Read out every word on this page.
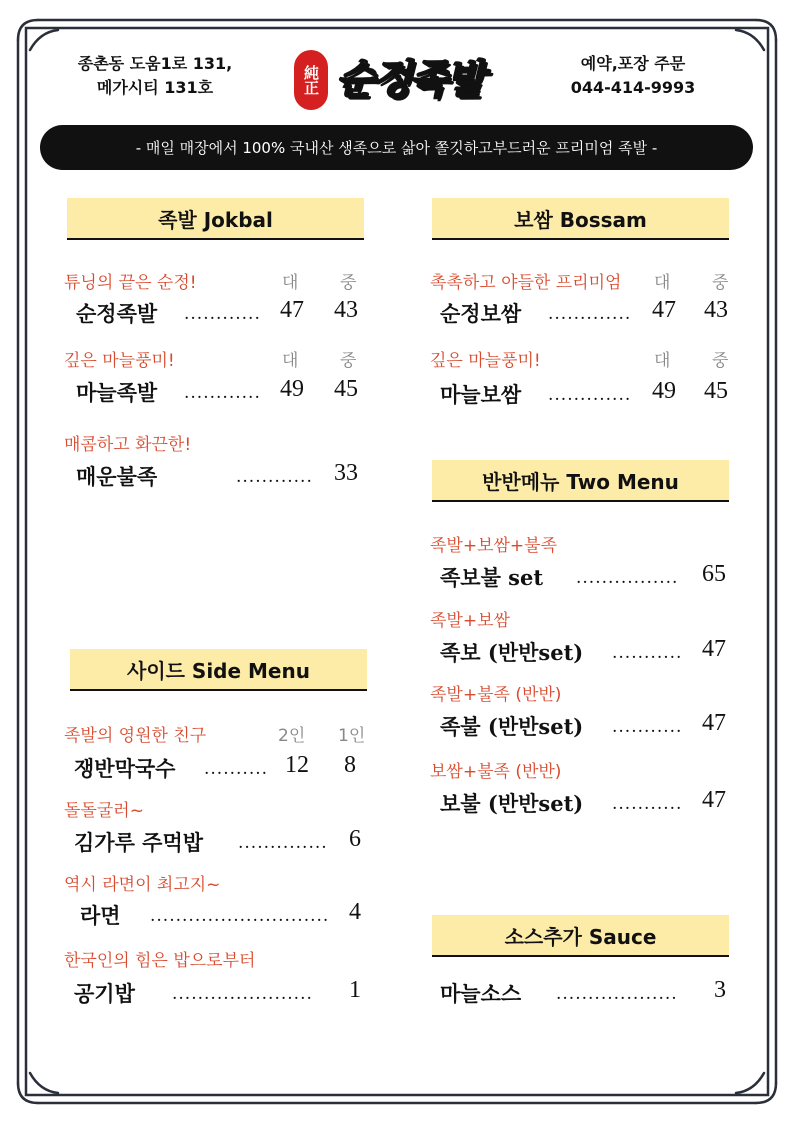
종촌동 도움1로 131,
메가시티 131호	純正 순정족발	예약,포장 주문
044-414-9993
- 매일 매장에서 100% 국내산 생족으로 삶아 쫄깃하고부드러운 프리미엄 족발 -
족발 Jokbal
튜닝의 끝은 순정!	대 중
순정족발 ............ 47 43
깊은 마늘풍미!	대 중
마늘족발 ............ 49 45
매콤하고 화끈한!
매운불족	............ 33
사이드 Side Menu
족발의 영원한 친구	2인 1인
쟁반막국수 .......... 12 8
돌돌굴러~
김가루 주먹밥 .............. 6
역시 라면이 최고지~
라면 ............................ 4
한국인의 힘은 밥으로부터
공기밥 ...................... 1
보쌈 Bossam
촉촉하고 야들한 프리미엄 대 중
순정보쌈 ............. 47 43
깊은 마늘풍미!	대 중
마늘보쌈 ............. 49 45
반반메뉴 Two Menu
족발+보쌈+불족
족보불 set ................ 65
족발+보쌈
족보 (반반set) ........... 47
족발+불족 (반반)
족불 (반반set) ........... 47
보쌈+불족 (반반)
보불 (반반set) ........... 47
소스추가 Sauce
마늘소스 ................... 3
